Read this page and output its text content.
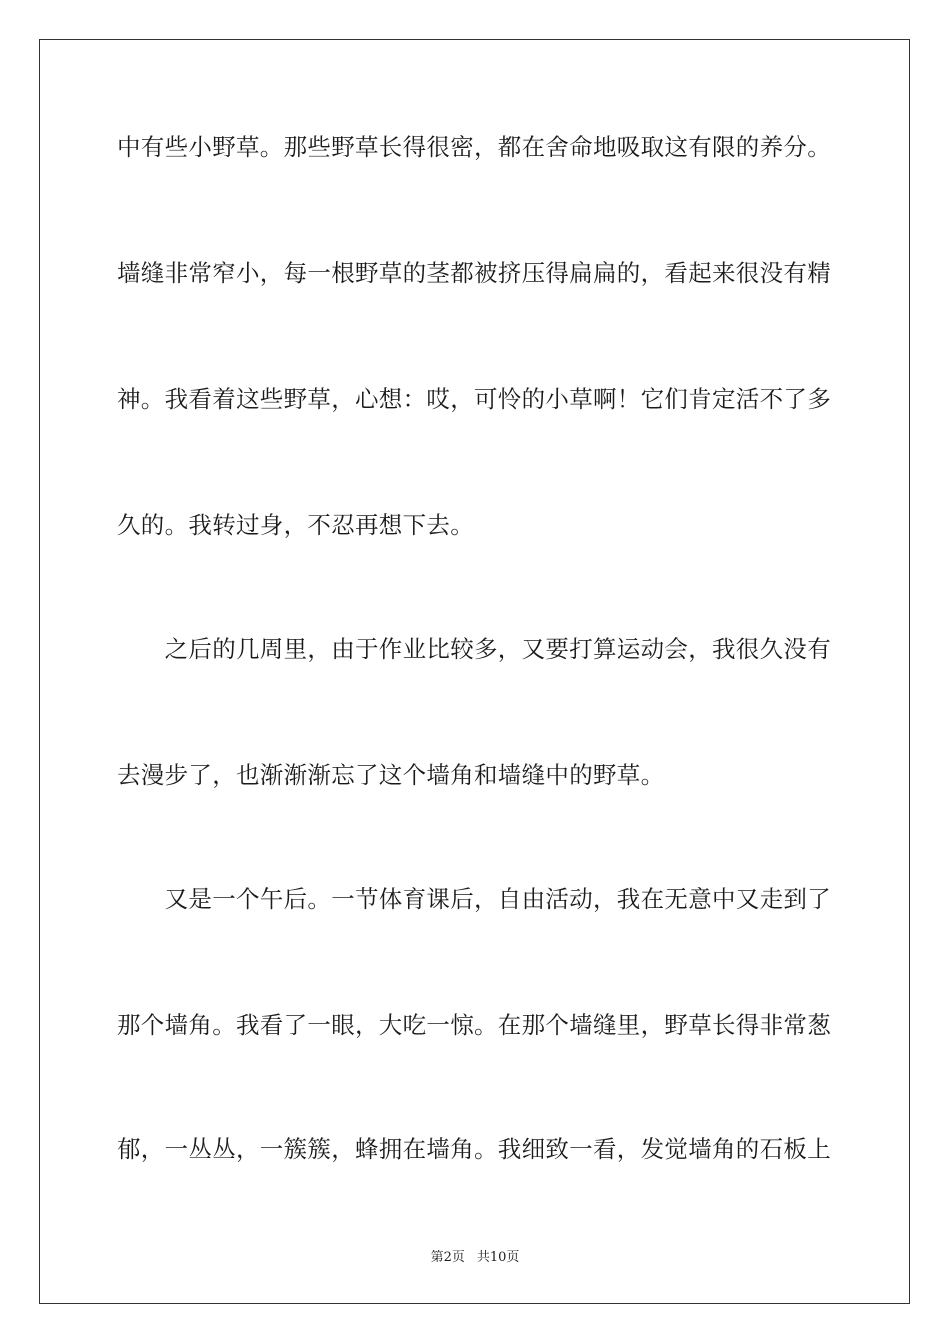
中有些小野草。那些野草长得很密，都在舍命地吸取这有限的养分。
墙缝非常窄小，每一根野草的茎都被挤压得扁扁的，看起来很没有精
神。我看着这些野草，心想：哎，可怜的小草啊！它们肯定活不了多
久的。我转过身，不忍再想下去。
　　之后的几周里，由于作业比较多，又要打算运动会，我很久没有
去漫步了，也渐渐渐忘了这个墙角和墙缝中的野草。
　　又是一个午后。一节体育课后，自由活动，我在无意中又走到了
那个墙角。我看了一眼，大吃一惊。在那个墙缝里，野草长得非常葱
郁，一丛丛，一簇簇，蜂拥在墙角。我细致一看，发觉墙角的石板上
第2页 共10页
